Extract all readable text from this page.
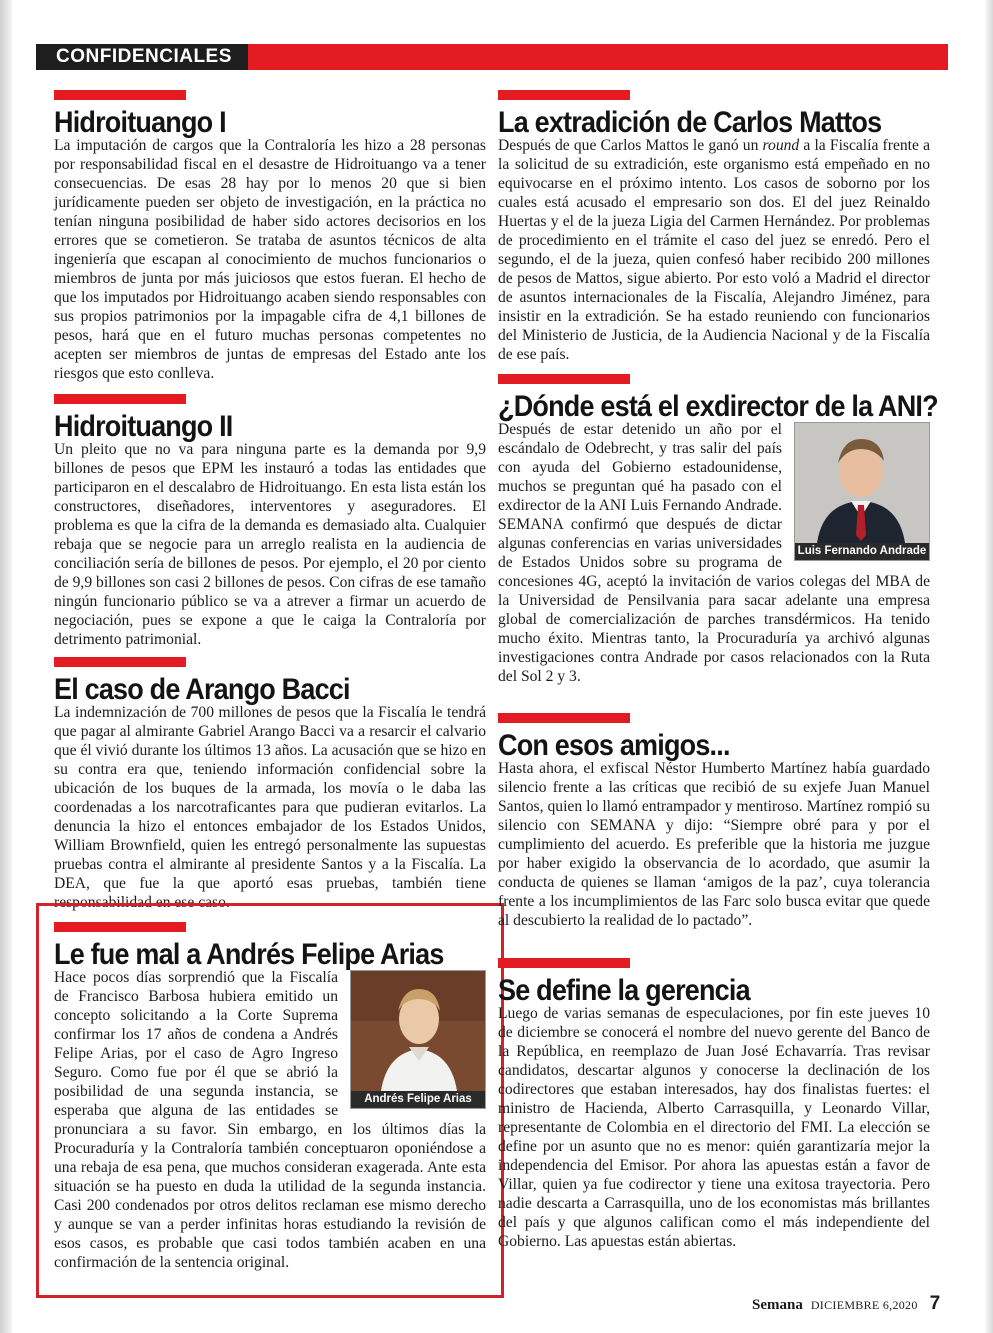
CONFIDENCIALES
Hidroituango I

La imputación de cargos que la Contraloría les hizo a 28 personas por responsabilidad fiscal en el desastre de Hidroituango va a tener consecuencias. De esas 28 hay por lo menos 20 que si bien jurídicamente pueden ser objeto de investigación, en la práctica no tenían ninguna posibilidad de haber sido actores decisorios en los errores que se cometieron. Se trataba de asuntos técnicos de alta ingeniería que escapan al conocimiento de muchos funcionarios o miembros de junta por más juiciosos que estos fueran. El hecho de que los imputados por Hidroituango acaben siendo responsables con sus propios patrimonios por la impagable cifra de 4,1 billones de pesos, hará que en el futuro muchas personas competentes no acepten ser miembros de juntas de empresas del Estado ante los riesgos que esto conlleva.

Hidroituango II

Un pleito que no va para ninguna parte es la demanda por 9,9 billones de pesos que EPM les instauró a todas las entidades que participaron en el descalabro de Hidroituango. En esta lista están los constructores, diseñadores, interventores y aseguradores. El problema es que la cifra de la demanda es demasiado alta. Cualquier rebaja que se negocie para un arreglo realista en la audiencia de conciliación sería de billones de pesos. Por ejemplo, el 20 por ciento de 9,9 billones son casi 2 billones de pesos. Con cifras de ese tamaño ningún funcionario público se va a atrever a firmar un acuerdo de negociación, pues se expone a que le caiga la Contraloría por detrimento patrimonial.

El caso de Arango Bacci

La indemnización de 700 millones de pesos que la Fiscalía le tendrá que pagar al almirante Gabriel Arango Bacci va a resarcir el calvario que él vivió durante los últimos 13 años. La acusación que se hizo en su contra era que, teniendo información confidencial sobre la ubicación de los buques de la armada, los movía o le daba las coordenadas a los narcotraficantes para que pudieran evitarlos. La denuncia la hizo el entonces embajador de los Estados Unidos, William Brownfield, quien les entregó personalmente las supuestas pruebas contra el almirante al presidente Santos y a la Fiscalía. La DEA, que fue la que aportó esas pruebas, también tiene responsabilidad en ese caso.

Le fue mal a Andrés Felipe Arias
Andrés Felipe Arias

Hace pocos días sorprendió que la Fiscalía de Francisco Barbosa hubiera emitido un concepto solicitando a la Corte Suprema confirmar los 17 años de condena a Andrés Felipe Arias, por el caso de Agro Ingreso Seguro. Como fue por él que se abrió la posibilidad de una segunda instancia, se esperaba que alguna de las entidades se pronunciara a su favor. Sin embargo, en los últimos días la Procuraduría y la Contraloría también conceptuaron oponiéndose a una rebaja de esa pena, que muchos consideran exagerada. Ante esta situación se ha puesto en duda la utilidad de la segunda instancia. Casi 200 condenados por otros delitos reclaman ese mismo derecho y aunque se van a perder infinitas horas estudiando la revisión de esos casos, es probable que casi todos también acaben en una confirmación de la sentencia original.

La extradición de Carlos Mattos

Después de que Carlos Mattos le ganó un round a la Fiscalía frente a la solicitud de su extradición, este organismo está empeñado en no equivocarse en el próximo intento. Los casos de soborno por los cuales está acusado el empresario son dos. El del juez Reinaldo Huertas y el de la jueza Ligia del Carmen Hernández. Por problemas de procedimiento en el trámite el caso del juez se enredó. Pero el segundo, el de la jueza, quien confesó haber recibido 200 millones de pesos de Mattos, sigue abierto. Por esto voló a Madrid el director de asuntos internacionales de la Fiscalía, Alejandro Jiménez, para insistir en la extradición. Se ha estado reuniendo con funcionarios del Ministerio de Justicia, de la Audiencia Nacional y de la Fiscalía de ese país.

¿Dónde está el exdirector de la ANI?
Luis Fernando Andrade

Después de estar detenido un año por el escándalo de Odebrecht, y tras salir del país con ayuda del Gobierno estadounidense, muchos se preguntan qué ha pasado con el exdirector de la ANI Luis Fernando Andrade. SEMANA confirmó que después de dictar algunas conferencias en varias universidades de Estados Unidos sobre su programa de concesiones 4G, aceptó la invitación de varios colegas del MBA de la Universidad de Pensilvania para sacar adelante una empresa global de comercialización de parches transdérmicos. Ha tenido mucho éxito. Mientras tanto, la Procuraduría ya archivó algunas investigaciones contra Andrade por casos relacionados con la Ruta del Sol 2 y 3.

Con esos amigos...

Hasta ahora, el exfiscal Néstor Humberto Martínez había guardado silencio frente a las críticas que recibió de su exjefe Juan Manuel Santos, quien lo llamó entrampador y mentiroso. Martínez rompió su silencio con SEMANA y dijo: “Siempre obré para y por el cumplimiento del acuerdo. Es preferible que la historia me juzgue por haber exigido la observancia de lo acordado, que asumir la conducta de quienes se llaman ‘amigos de la paz’, cuya tolerancia frente a los incumplimientos de las Farc solo busca evitar que quede al descubierto la realidad de lo pactado”.

Se define la gerencia

Luego de varias semanas de especulaciones, por fin este jueves 10 de diciembre se conocerá el nombre del nuevo gerente del Banco de la República, en reemplazo de Juan José Echavarría. Tras revisar candidatos, descartar algunos y conocerse la declinación de los codirectores que estaban interesados, hay dos finalistas fuertes: el ministro de Hacienda, Alberto Carrasquilla, y Leonardo Villar, representante de Colombia en el directorio del FMI. La elección se define por un asunto que no es menor: quién garantizaría mejor la independencia del Emisor. Por ahora las apuestas están a favor de Villar, quien ya fue codirector y tiene una exitosa trayectoria. Pero nadie descarta a Carrasquilla, uno de los economistas más brillantes del país y que algunos califican como el más independiente del Gobierno. Las apuestas están abiertas.

Semana DICIEMBRE 6,2020 7
